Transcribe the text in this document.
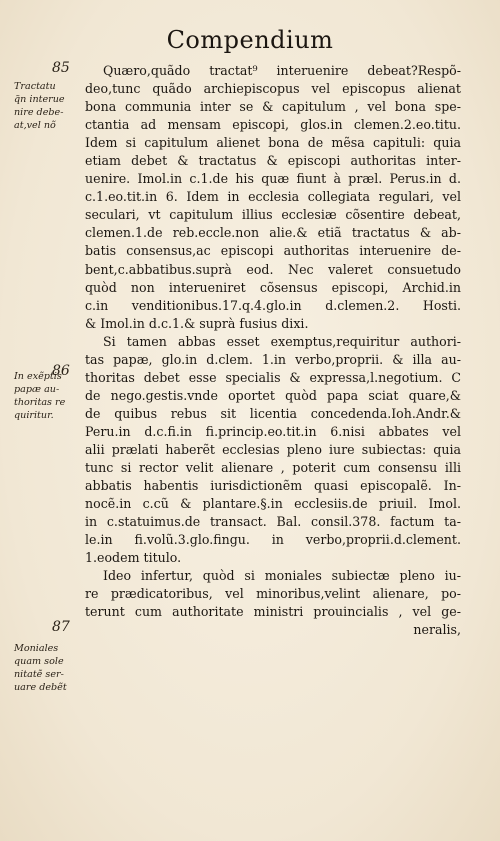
Compendium
85
Tractatu
q̃n interue
nire debe-
at,vel nõ
86
In exẽptis
papæ au-
thoritas re
quiritur.
87
Moniales
quam sole
nitatẽ ser-
uare debẽt
Quæro,quãdo tractat⁹ interuenire debeat?Respõ-
deo,tunc quãdo archiepiscopus vel episcopus alienat
bona communia inter se & capitulum , vel bona spe-
ctantia ad mensam episcopi, glos.in clemen.2.eo.titu.
Idem si capitulum alienet bona de mẽsa capituli: quia
etiam debet & tractatus & episcopi authoritas inter-
uenire. Imol.in c.1.de his quæ fiunt à præl. Perus.in d.
c.1.eo.tit.in 6. Idem in ecclesia collegiata regulari, vel
seculari, vt capitulum illius ecclesiæ cõsentire debeat,
clemen.1.de reb.eccle.non alie.& etiã tractatus & ab-
batis consensus,ac episcopi authoritas interuenire de-
bent,c.abbatibus.suprà eod. Nec valeret consuetudo
quòd non interueniret cõsensus episcopi, Archid.in
c.in venditionibus.17.q.4.glo.in d.clemen.2. Hosti.
& Imol.in d.c.1.& suprà fusius dixi.
Si tamen abbas esset exemptus,requiritur authori-
tas papæ, glo.in d.clem. 1.in verbo,proprii. & illa au-
thoritas debet esse specialis & expressa,l.negotium. C
de nego.gestis.vnde oportet quòd papa sciat quare,&
de quibus rebus sit licentia concedenda.Ioh.Andr.&
Peru.in d.c.fi.in fi.princip.eo.tit.in 6.nisi abbates vel
alii prælati haberẽt ecclesias pleno iure subiectas: quia
tunc si rector velit alienare , poterit cum consensu illi
abbatis habentis iurisdictionẽm quasi episcopalẽ. In-
nocẽ.in c.cũ & plantare.§.in ecclesiis.de priuil. Imol.
in c.statuimus.de transact. Bal. consil.378. factum ta-
le.in fi.volũ.3.glo.fingu. in verbo,proprii.d.clement.
1.eodem titulo.
Ideo infertur, quòd si moniales subiectæ pleno iu-
re prædicatoribus, vel minoribus,velint alienare, po-
terunt cum authoritate ministri prouincialis , vel ge-
neralis,
